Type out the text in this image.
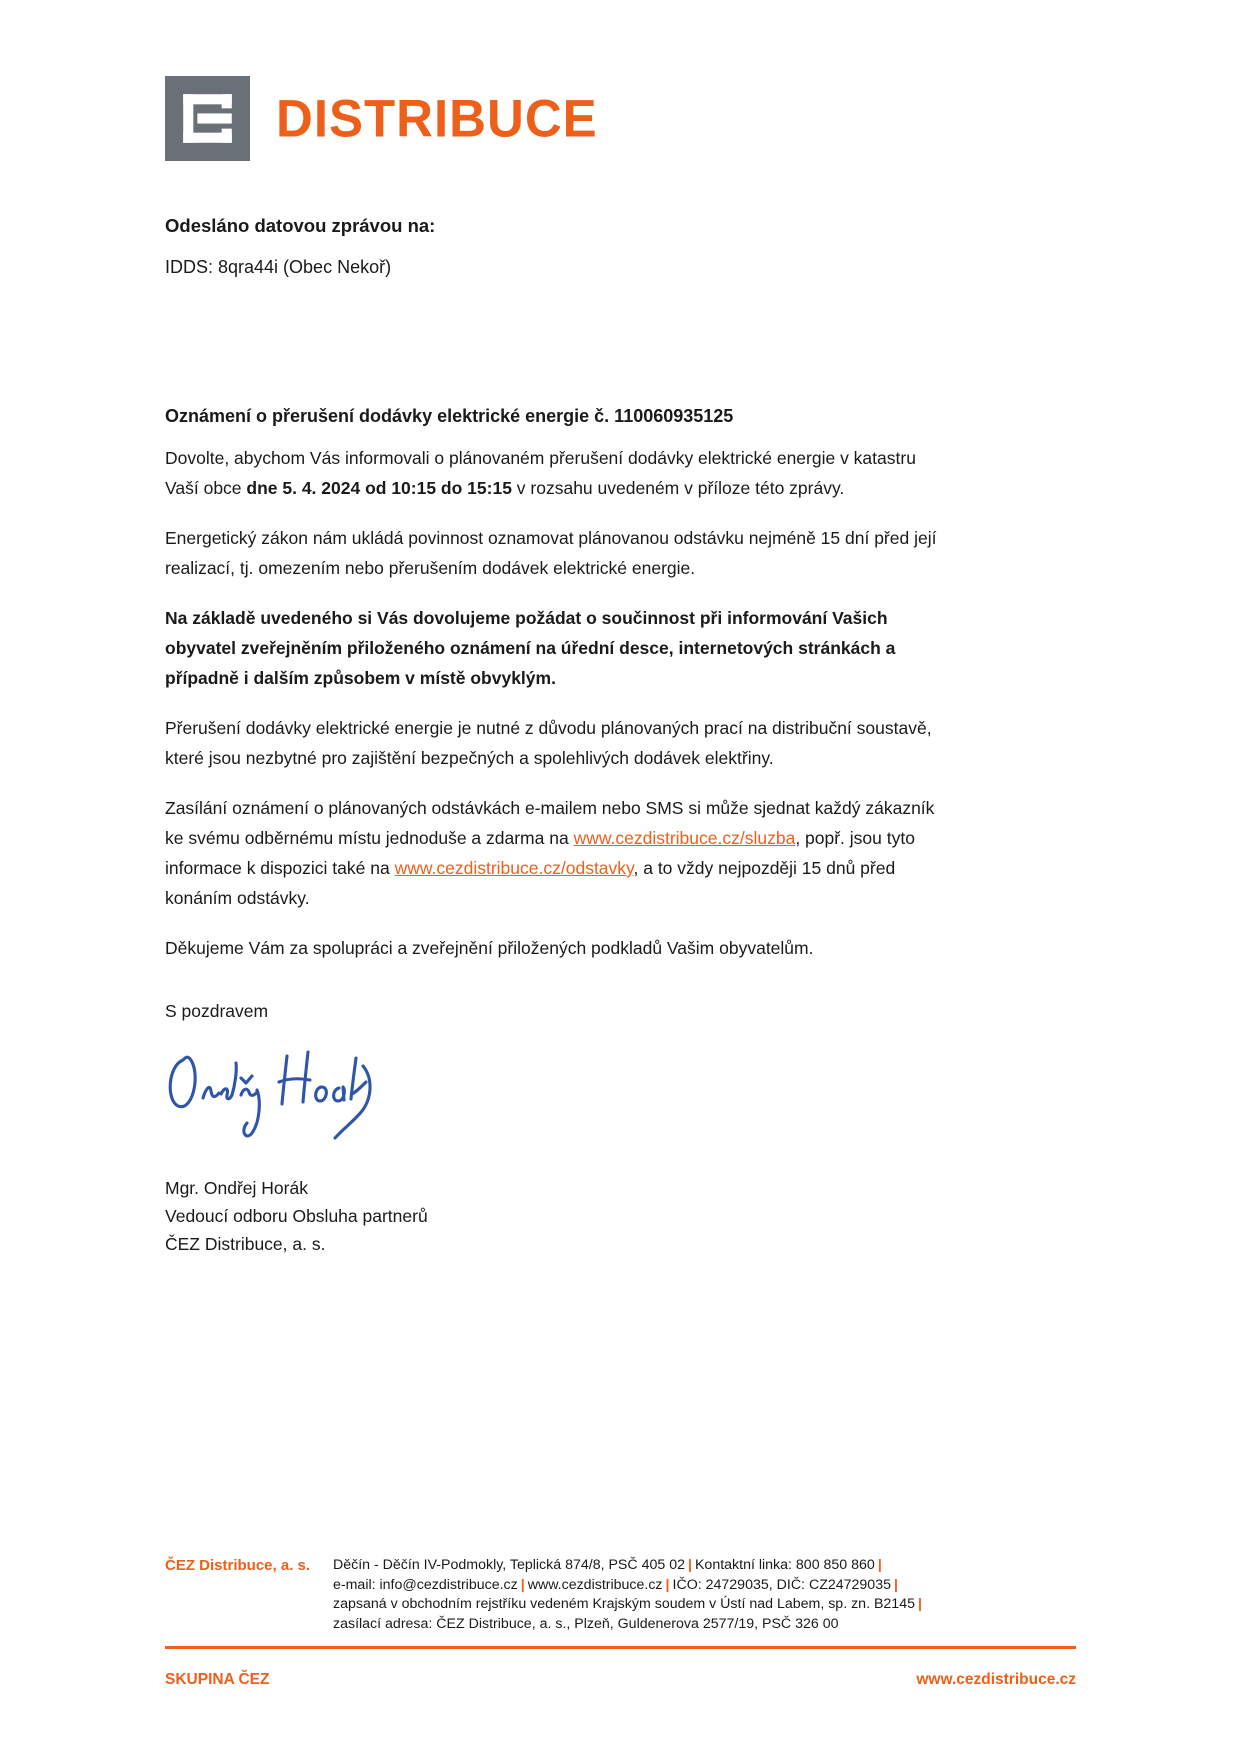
DISTRIBUCE

Odesláno datovou zprávou na:

IDDS: 8qra44i (Obec Nekoř)

Oznámení o přerušení dodávky elektrické energie č. 110060935125

Dovolte, abychom Vás informovali o plánovaném přerušení dodávky elektrické energie v katastru Vaší obce dne 5. 4. 2024 od 10:15 do 15:15 v rozsahu uvedeném v příloze této zprávy.

Energetický zákon nám ukládá povinnost oznamovat plánovanou odstávku nejméně 15 dní před její realizací, tj. omezením nebo přerušením dodávek elektrické energie.

Na základě uvedeného si Vás dovolujeme požádat o součinnost při informování Vašich obyvatel zveřejněním přiloženého oznámení na úřední desce, internetových stránkách a případně i dalším způsobem v místě obvyklým.

Přerušení dodávky elektrické energie je nutné z důvodu plánovaných prací na distribuční soustavě, které jsou nezbytné pro zajištění bezpečných a spolehlivých dodávek elektřiny.

Zasílání oznámení o plánovaných odstávkách e-mailem nebo SMS si může sjednat každý zákazník ke svému odběrnému místu jednoduše a zdarma na www.cezdistribuce.cz/sluzba, popř. jsou tyto informace k dispozici také na www.cezdistribuce.cz/odstavky, a to vždy nejpozději 15 dnů před konáním odstávky.

Děkujeme Vám za spolupráci a zveřejnění přiložených podkladů Vašim obyvatelům.

S pozdravem

Mgr. Ondřej Horák
Vedoucí odboru Obsluha partnerů
ČEZ Distribuce, a. s.
ČEZ Distribuce, a. s.	Děčín - Děčín IV-Podmokly, Teplická 874/8, PSČ 405 02 | Kontaktní linka: 800 850 860 |
e-mail: info@cezdistribuce.cz | www.cezdistribuce.cz | IČO: 24729035, DIČ: CZ24729035 |
zapsaná v obchodním rejstříku vedeném Krajským soudem v Ústí nad Labem, sp. zn. B2145 |
zasílací adresa: ČEZ Distribuce, a. s., Plzeň, Guldenerova 2577/19, PSČ 326 00
SKUPINA ČEZ	www.cezdistribuce.cz
